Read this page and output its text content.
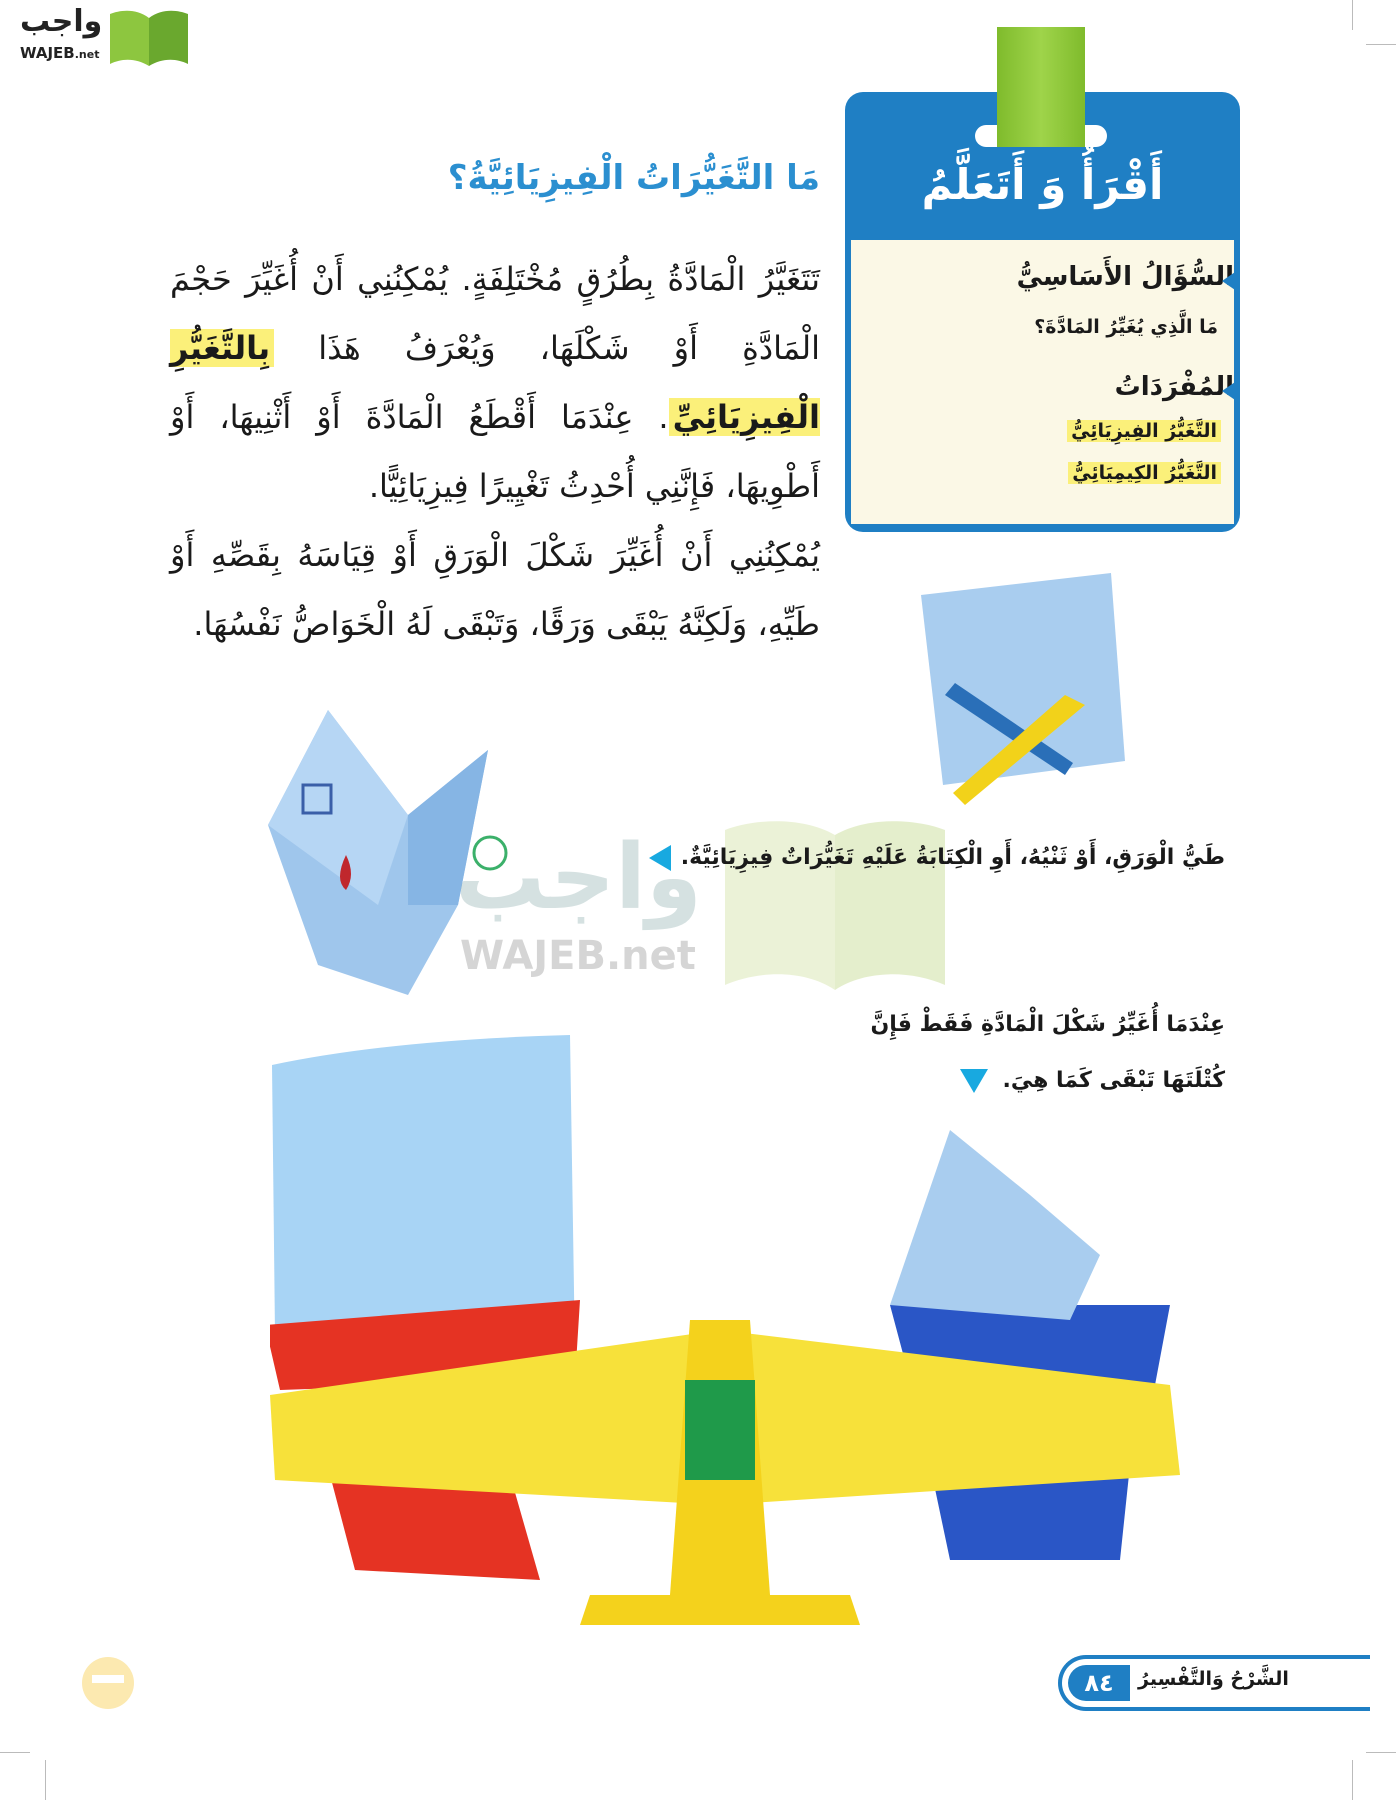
واجب
WAJEB.net
أَقْرَأُ وَ أَتَعَلَّمُ
السُّؤَالُ الأَسَاسِيُّ
مَا الَّذِي يُغَيِّرُ المَادَّةَ؟
المُفْرَدَاتُ
التَّغَيُّرُ الفِيزِيَائِيُّ
التَّغَيُّرُ الكِيمِيَائِيُّ
مَا التَّغَيُّرَاتُ الْفِيزِيَائِيَّةُ؟
تَتَغَيَّرُ الْمَادَّةُ بِطُرُقٍ مُخْتَلِفَةٍ. يُمْكِنُنِي أَنْ أُغَيِّرَ حَجْمَ الْمَادَّةِ أَوْ شَكْلَهَا، وَيُعْرَفُ هَذَا بِالتَّغَيُّرِ الْفِيزِيَائِيِّ. عِنْدَمَا أَقْطَعُ الْمَادَّةَ أَوْ أَثْنِيهَا، أَوْ أَطْوِيهَا، فَإِنَّنِي أُحْدِثُ تَغْيِيرًا فِيزِيَائِيًّا.
يُمْكِنُنِي أَنْ أُغَيِّرَ شَكْلَ الْوَرَقِ أَوْ قِيَاسَهُ بِقَصِّهِ أَوْ طَيِّهِ، وَلَكِنَّهُ يَبْقَى وَرَقًا، وَتَبْقَى لَهُ الْخَوَاصُّ نَفْسُهَا.
واجب
WAJEB.net
طَيُّ الْوَرَقِ، أَوْ ثَنْيُهُ، أَوِ الْكِتَابَةُ عَلَيْهِ تَغَيُّرَاتٌ فِيزِيَائِيَّةٌ.
عِنْدَمَا أُغَيِّرُ شَكْلَ الْمَادَّةِ فَقَطْ فَإِنَّ كُتْلَتَهَا تَبْقَى كَمَا هِيَ.
٨٤	الشَّرْحُ وَالتَّفْسِيرُ
